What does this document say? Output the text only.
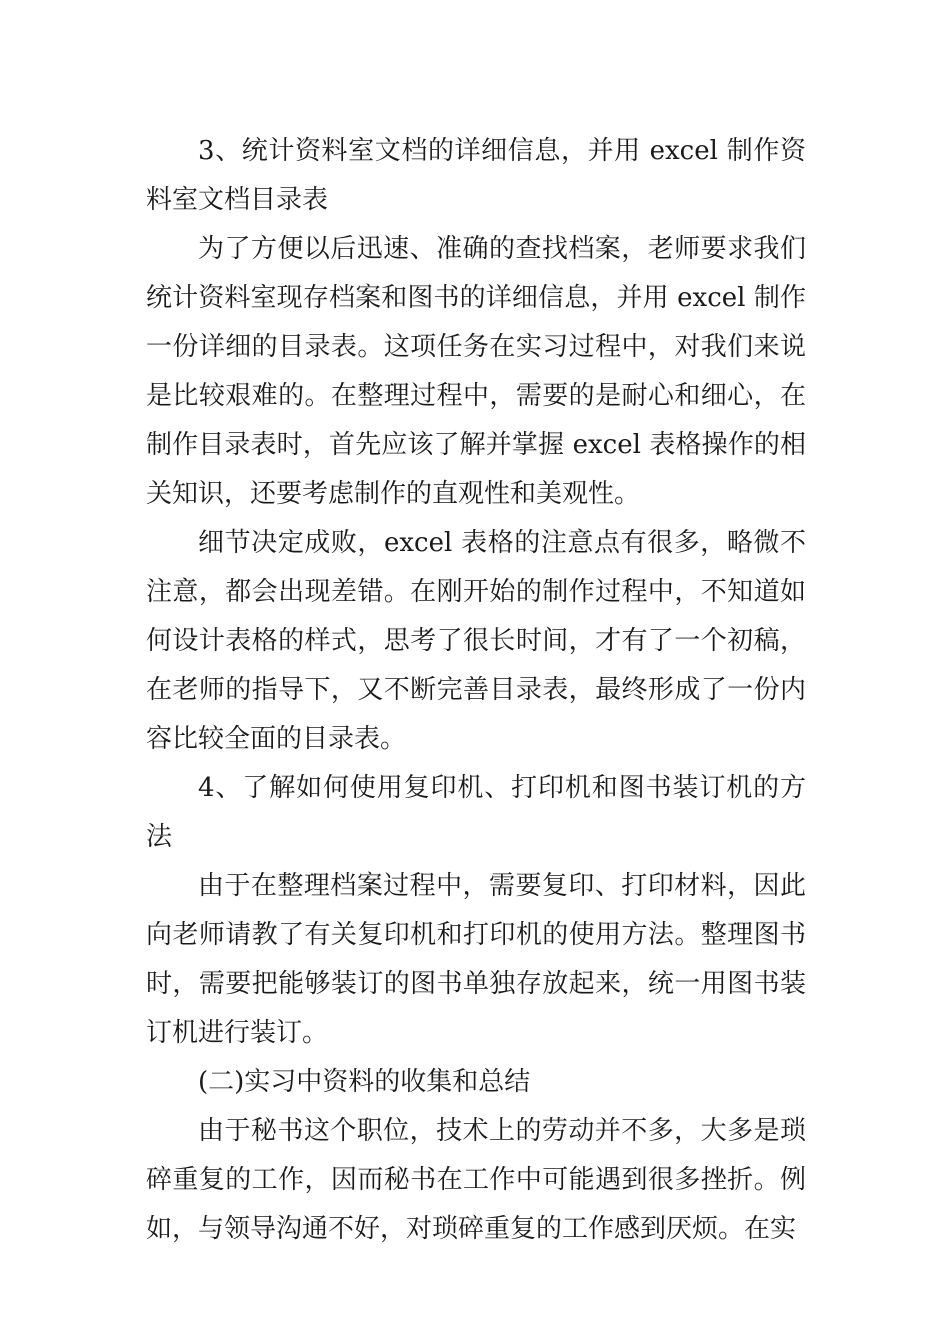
3、统计资料室文档的详细信息，并用 excel 制作资料室文档目录表

为了方便以后迅速、准确的查找档案，老师要求我们统计资料室现存档案和图书的详细信息，并用 excel 制作一份详细的目录表。这项任务在实习过程中，对我们来说是比较艰难的。在整理过程中，需要的是耐心和细心，在制作目录表时，首先应该了解并掌握 excel 表格操作的相关知识，还要考虑制作的直观性和美观性。

细节决定成败，excel 表格的注意点有很多，略微不注意，都会出现差错。在刚开始的制作过程中，不知道如何设计表格的样式，思考了很长时间，才有了一个初稿，在老师的指导下，又不断完善目录表，最终形成了一份内容比较全面的目录表。

4、了解如何使用复印机、打印机和图书装订机的方法

由于在整理档案过程中，需要复印、打印材料，因此向老师请教了有关复印机和打印机的使用方法。整理图书时，需要把能够装订的图书单独存放起来，统一用图书装订机进行装订。

(二)实习中资料的收集和总结

由于秘书这个职位，技术上的劳动并不多，大多是琐碎重复的工作，因而秘书在工作中可能遇到很多挫折。例如，与领导沟通不好，对琐碎重复的工作感到厌烦。在实
